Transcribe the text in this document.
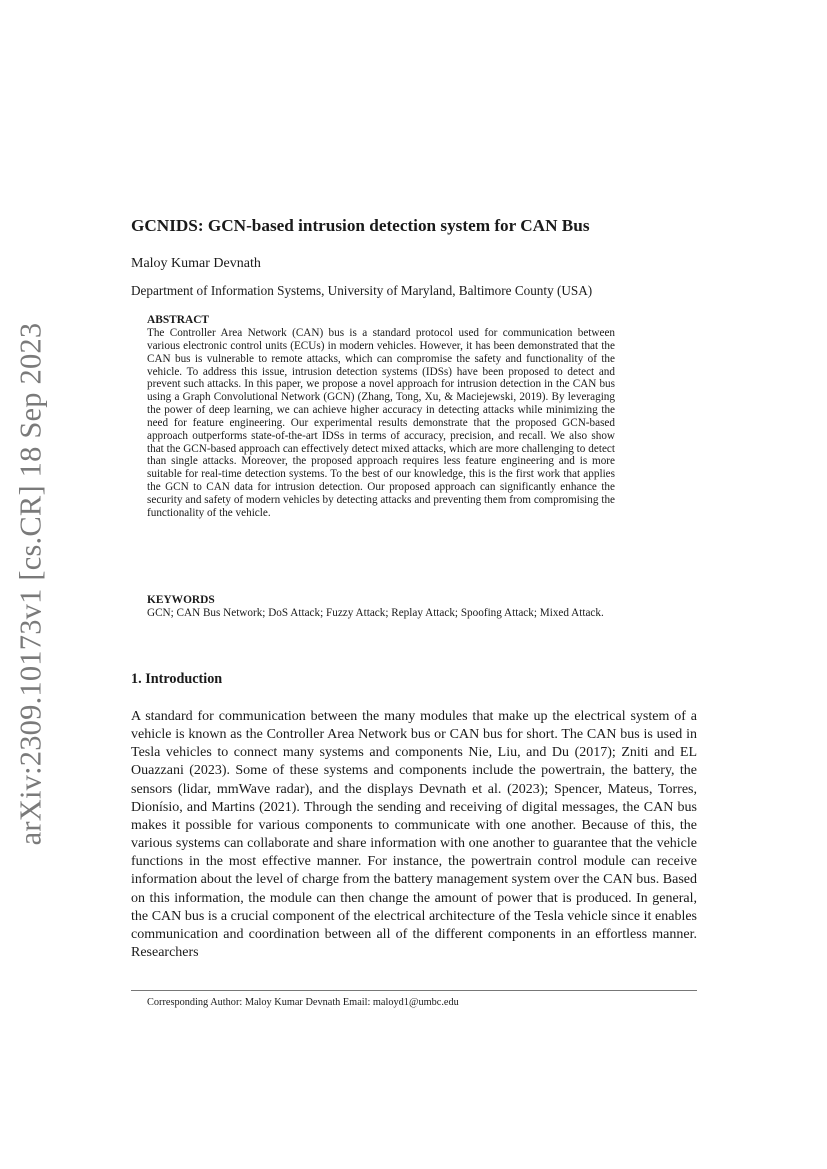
arXiv:2309.10173v1 [cs.CR] 18 Sep 2023
GCNIDS: GCN-based intrusion detection system for CAN Bus
Maloy Kumar Devnath
Department of Information Systems, University of Maryland, Baltimore County (USA)
ABSTRACT

The Controller Area Network (CAN) bus is a standard protocol used for communication between various electronic control units (ECUs) in modern vehicles. However, it has been demonstrated that the CAN bus is vulnerable to remote attacks, which can compromise the safety and functionality of the vehicle. To address this issue, intrusion detection systems (IDSs) have been proposed to detect and prevent such attacks. In this paper, we propose a novel approach for intrusion detection in the CAN bus using a Graph Convolutional Network (GCN) (Zhang, Tong, Xu, & Maciejewski, 2019). By leveraging the power of deep learning, we can achieve higher accuracy in detecting attacks while minimizing the need for feature engineering. Our experimental results demonstrate that the proposed GCN-based approach outperforms state-of-the-art IDSs in terms of accuracy, precision, and recall. We also show that the GCN-based approach can effectively detect mixed attacks, which are more challenging to detect than single attacks. Moreover, the proposed approach requires less feature engineering and is more suitable for real-time detection systems. To the best of our knowledge, this is the first work that applies the GCN to CAN data for intrusion detection. Our proposed approach can significantly enhance the security and safety of modern vehicles by detecting attacks and preventing them from compromising the functionality of the vehicle.

KEYWORDS

GCN; CAN Bus Network; DoS Attack; Fuzzy Attack; Replay Attack; Spoofing Attack; Mixed Attack.

1. Introduction

A standard for communication between the many modules that make up the electrical system of a vehicle is known as the Controller Area Network bus or CAN bus for short. The CAN bus is used in Tesla vehicles to connect many systems and components Nie, Liu, and Du (2017); Zniti and EL Ouazzani (2023). Some of these systems and components include the powertrain, the battery, the sensors (lidar, mmWave radar), and the displays Devnath et al. (2023); Spencer, Mateus, Torres, Dionísio, and Martins (2021). Through the sending and receiving of digital messages, the CAN bus makes it possible for various components to communicate with one another. Because of this, the various systems can collaborate and share information with one another to guarantee that the vehicle functions in the most effective manner. For instance, the powertrain control module can receive information about the level of charge from the battery management system over the CAN bus. Based on this information, the module can then change the amount of power that is produced. In general, the CAN bus is a crucial component of the electrical architecture of the Tesla vehicle since it enables communication and coordination between all of the different components in an effortless manner. Researchers

Corresponding Author: Maloy Kumar Devnath Email: maloyd1@umbc.edu
